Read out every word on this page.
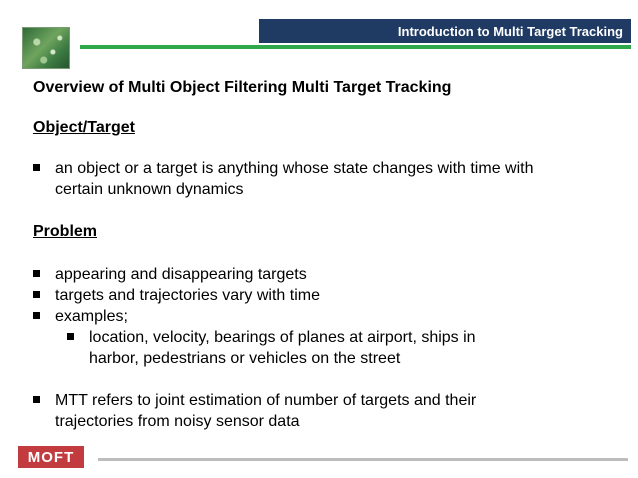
Introduction to Multi Target Tracking

Overview of Multi Object Filtering Multi Target Tracking

Object/Target

an object or a target is anything whose state changes with time with
certain unknown dynamics

Problem

appearing and disappearing targets

targets and trajectories vary with time

examples;

location, velocity, bearings of planes at airport, ships in
harbor, pedestrians or vehicles on the street

MTT refers to joint estimation of number of targets and their
trajectories from noisy sensor data

MOFT
